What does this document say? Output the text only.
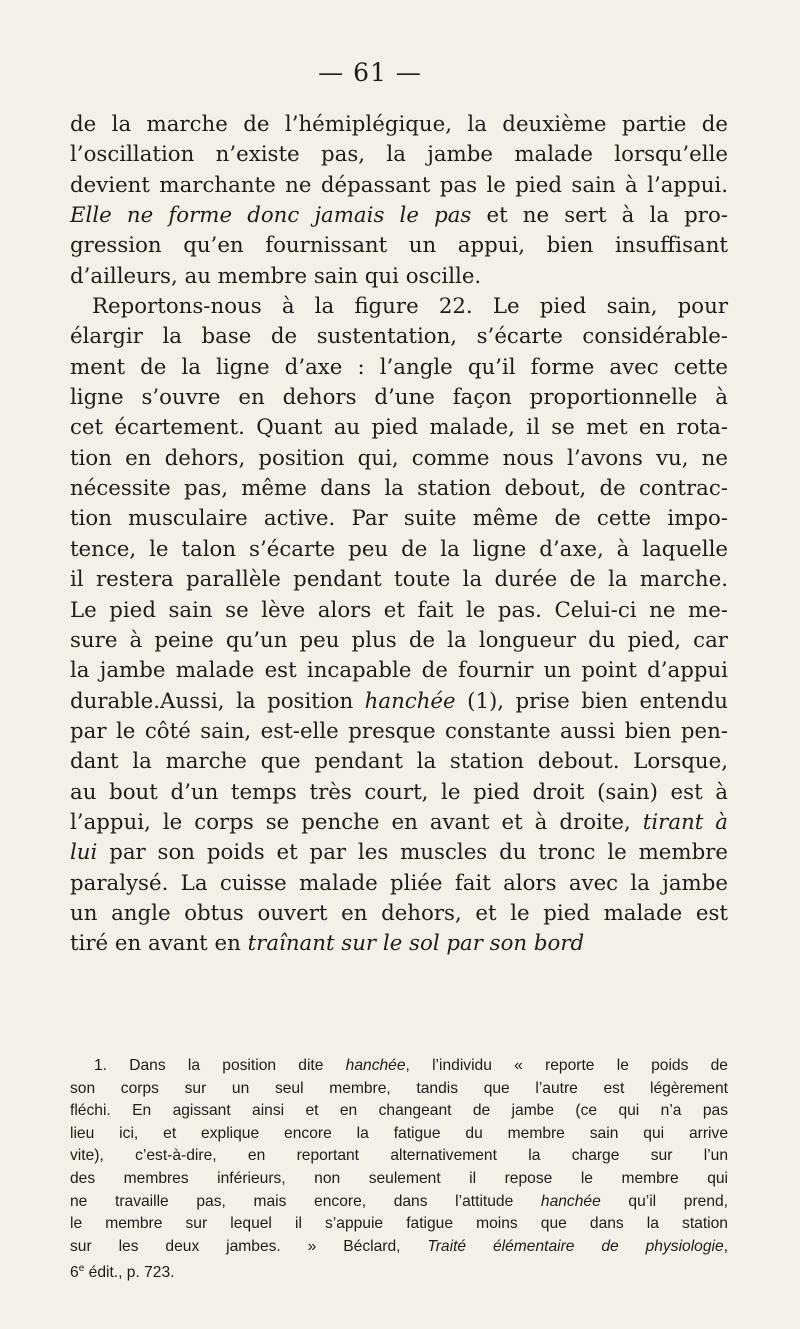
— 61 —
de la marche de l’hémiplégique, la deuxième partie de
l’oscillation n’existe pas, la jambe malade lorsqu’elle
devient marchante ne dépassant pas le pied sain à l’appui.
Elle ne forme donc jamais le pas et ne sert à la pro-
gression qu’en fournissant un appui, bien insuffisant
d’ailleurs, au membre sain qui oscille.
Reportons-nous à la figure 22. Le pied sain, pour
élargir la base de sustentation, s’écarte considérable-
ment de la ligne d’axe : l’angle qu’il forme avec cette
ligne s’ouvre en dehors d’une façon proportionnelle à
cet écartement. Quant au pied malade, il se met en rota-
tion en dehors, position qui, comme nous l’avons vu, ne
nécessite pas, même dans la station debout, de contrac-
tion musculaire active. Par suite même de cette impo-
tence, le talon s’écarte peu de la ligne d’axe, à laquelle
il restera parallèle pendant toute la durée de la marche.
Le pied sain se lève alors et fait le pas. Celui-ci ne me-
sure à peine qu’un peu plus de la longueur du pied, car
la jambe malade est incapable de fournir un point d’appui
durable.Aussi, la position hanchée (1), prise bien entendu
par le côté sain, est-elle presque constante aussi bien pen-
dant la marche que pendant la station debout. Lorsque,
au bout d’un temps très court, le pied droit (sain) est à
l’appui, le corps se penche en avant et à droite, tirant à
lui par son poids et par les muscles du tronc le membre
paralysé. La cuisse malade pliée fait alors avec la jambe
un angle obtus ouvert en dehors, et le pied malade est
tiré en avant en traînant sur le sol par son bord
1. Dans la position dite hanchée, l’individu « reporte le poids de
son corps sur un seul membre, tandis que l’autre est légèrement
fléchi. En agissant ainsi et en changeant de jambe (ce qui n’a pas
lieu ici, et explique encore la fatigue du membre sain qui arrive
vite), c’est-à-dire, en reportant alternativement la charge sur l’un
des membres inférieurs, non seulement il repose le membre qui
ne travaille pas, mais encore, dans l’attitude hanchée qu’il prend,
le membre sur lequel il s’appuie fatigue moins que dans la station
sur les deux jambes. » Béclard, Traité élémentaire de physiologie,
6e édit., p. 723.
